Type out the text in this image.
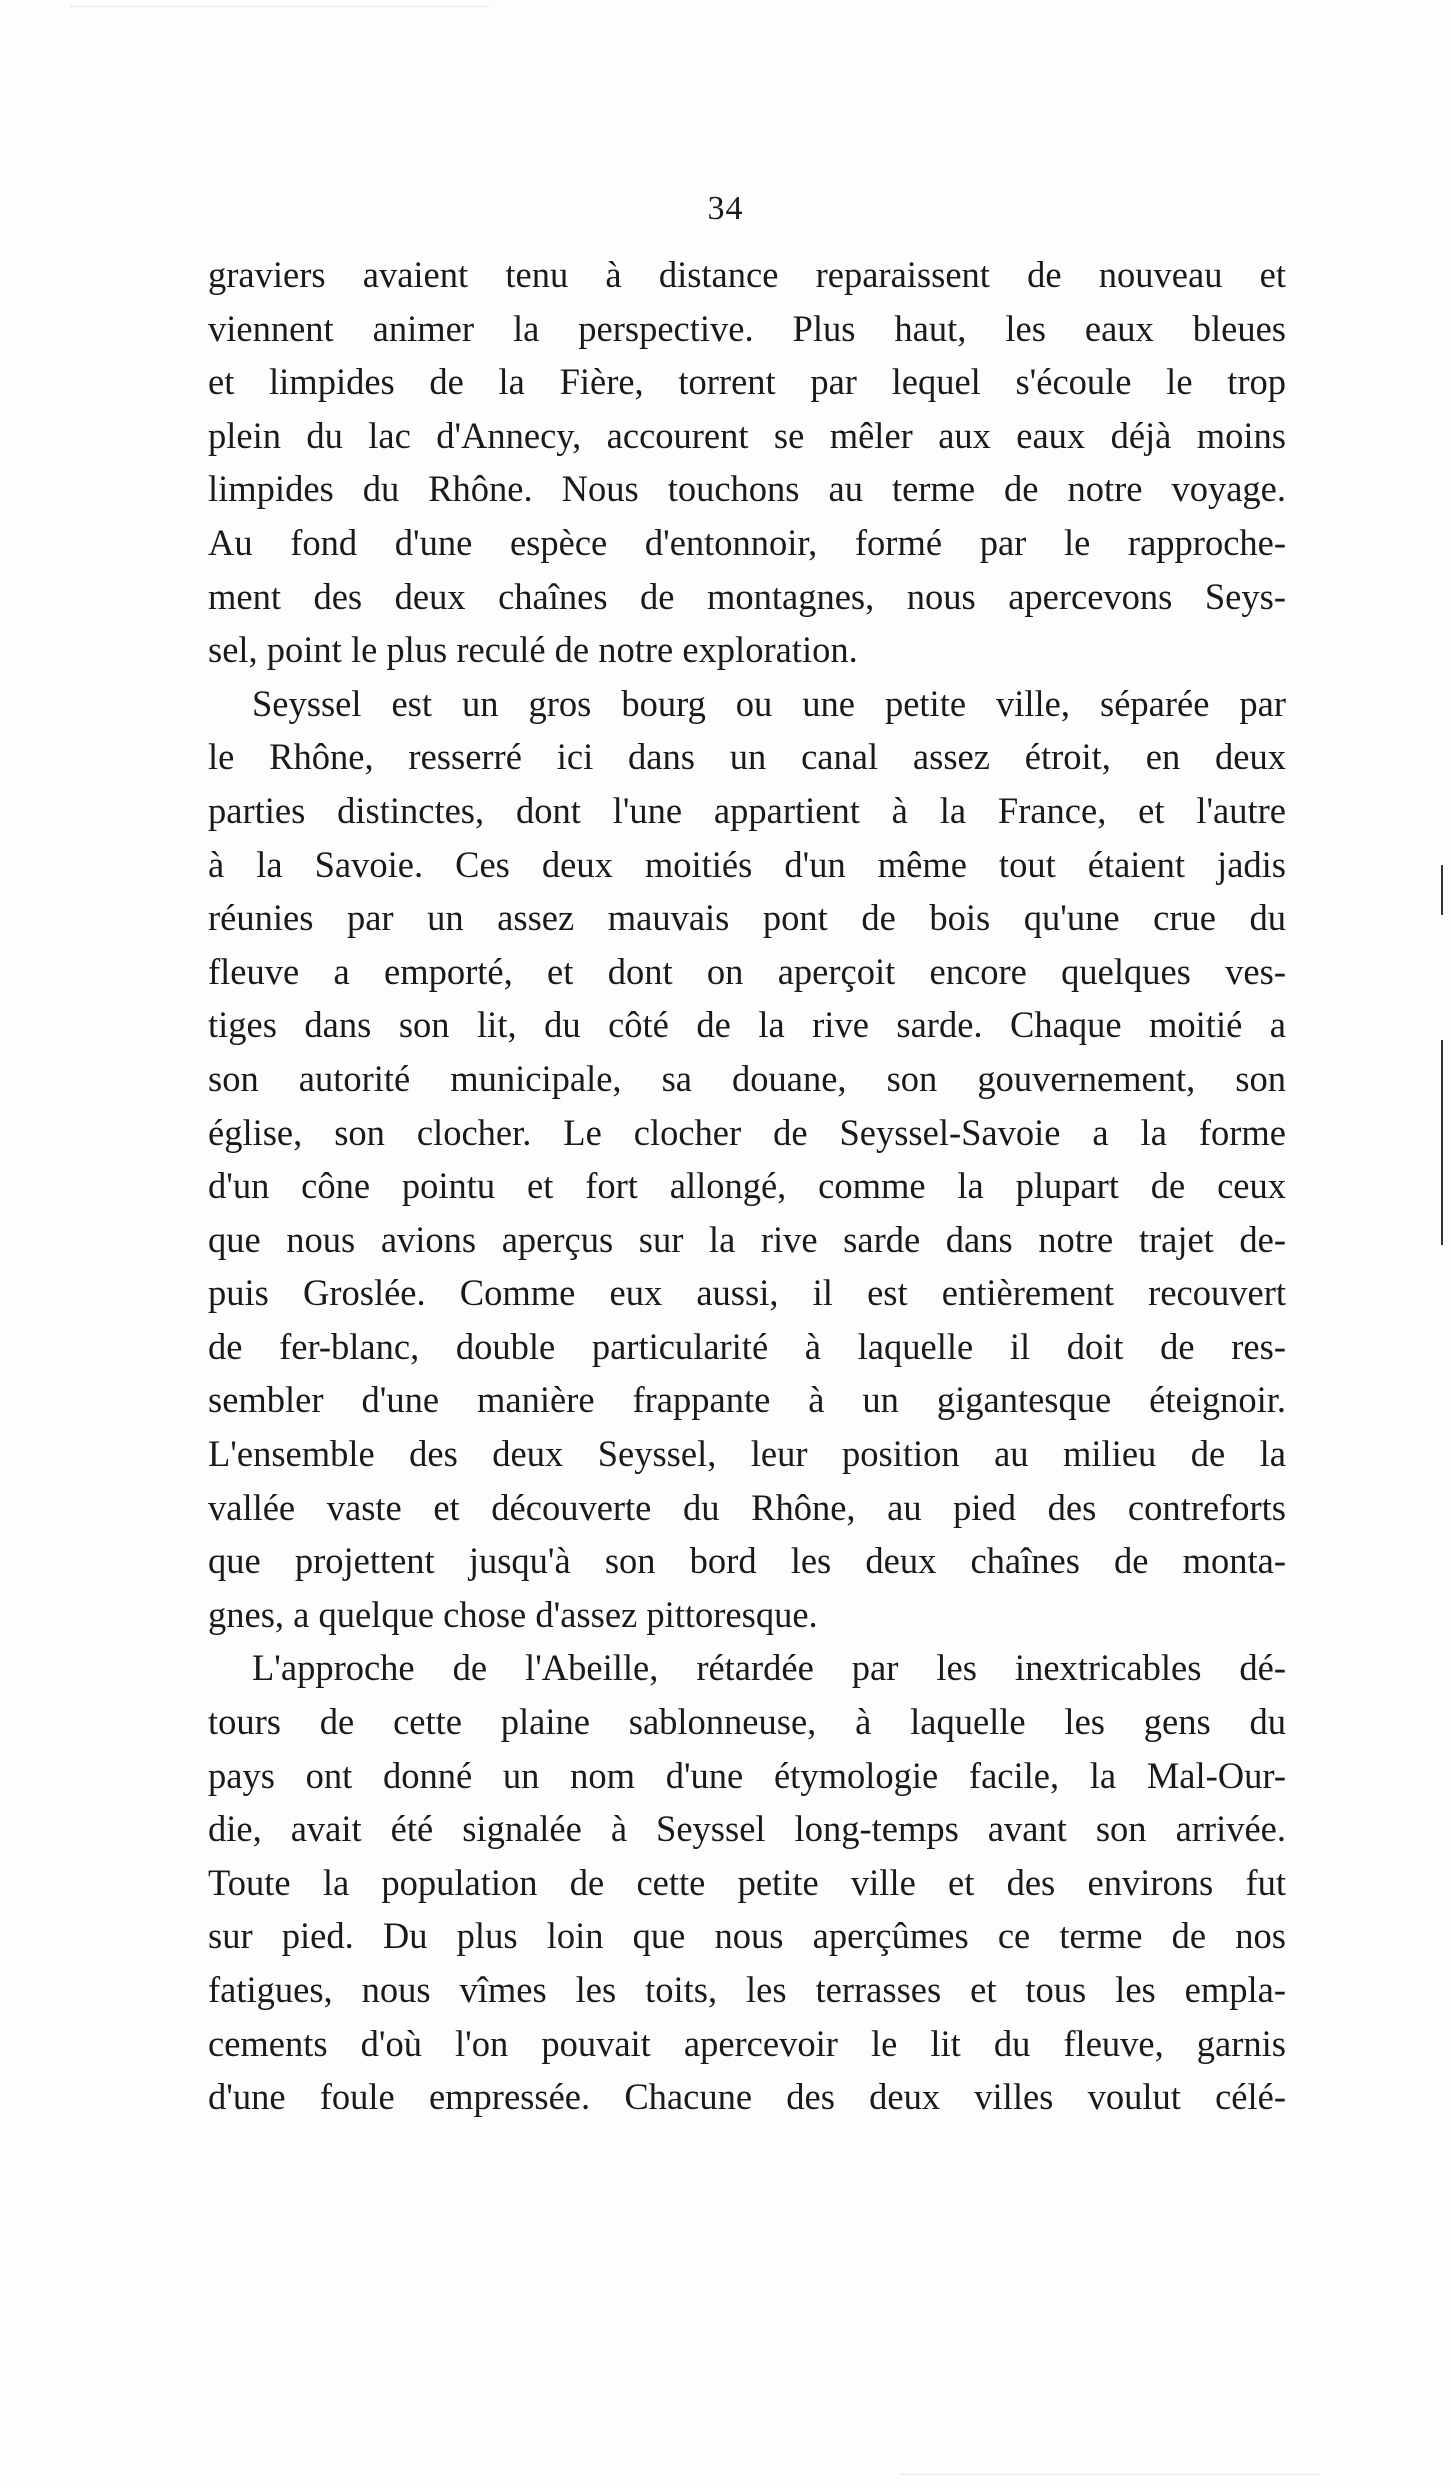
34
graviers avaient tenu à distance reparaissent de nouveau et
viennent animer la perspective. Plus haut, les eaux bleues
et limpides de la Fière, torrent par lequel s'écoule le trop
plein du lac d'Annecy, accourent se mêler aux eaux déjà moins
limpides du Rhône. Nous touchons au terme de notre voyage.
Au fond d'une espèce d'entonnoir, formé par le rapproche-
ment des deux chaînes de montagnes, nous apercevons Seys-
sel, point le plus reculé de notre exploration.
Seyssel est un gros bourg ou une petite ville, séparée par
le Rhône, resserré ici dans un canal assez étroit, en deux
parties distinctes, dont l'une appartient à la France, et l'autre
à la Savoie. Ces deux moitiés d'un même tout étaient jadis
réunies par un assez mauvais pont de bois qu'une crue du
fleuve a emporté, et dont on aperçoit encore quelques ves-
tiges dans son lit, du côté de la rive sarde. Chaque moitié a
son autorité municipale, sa douane, son gouvernement, son
église, son clocher. Le clocher de Seyssel-Savoie a la forme
d'un cône pointu et fort allongé, comme la plupart de ceux
que nous avions aperçus sur la rive sarde dans notre trajet de-
puis Groslée. Comme eux aussi, il est entièrement recouvert
de fer-blanc, double particularité à laquelle il doit de res-
sembler d'une manière frappante à un gigantesque éteignoir.
L'ensemble des deux Seyssel, leur position au milieu de la
vallée vaste et découverte du Rhône, au pied des contreforts
que projettent jusqu'à son bord les deux chaînes de monta-
gnes, a quelque chose d'assez pittoresque.
L'approche de l'Abeille, rétardée par les inextricables dé-
tours de cette plaine sablonneuse, à laquelle les gens du
pays ont donné un nom d'une étymologie facile, la Mal-Our-
die, avait été signalée à Seyssel long-temps avant son arrivée.
Toute la population de cette petite ville et des environs fut
sur pied. Du plus loin que nous aperçûmes ce terme de nos
fatigues, nous vîmes les toits, les terrasses et tous les empla-
cements d'où l'on pouvait apercevoir le lit du fleuve, garnis
d'une foule empressée. Chacune des deux villes voulut célé-
